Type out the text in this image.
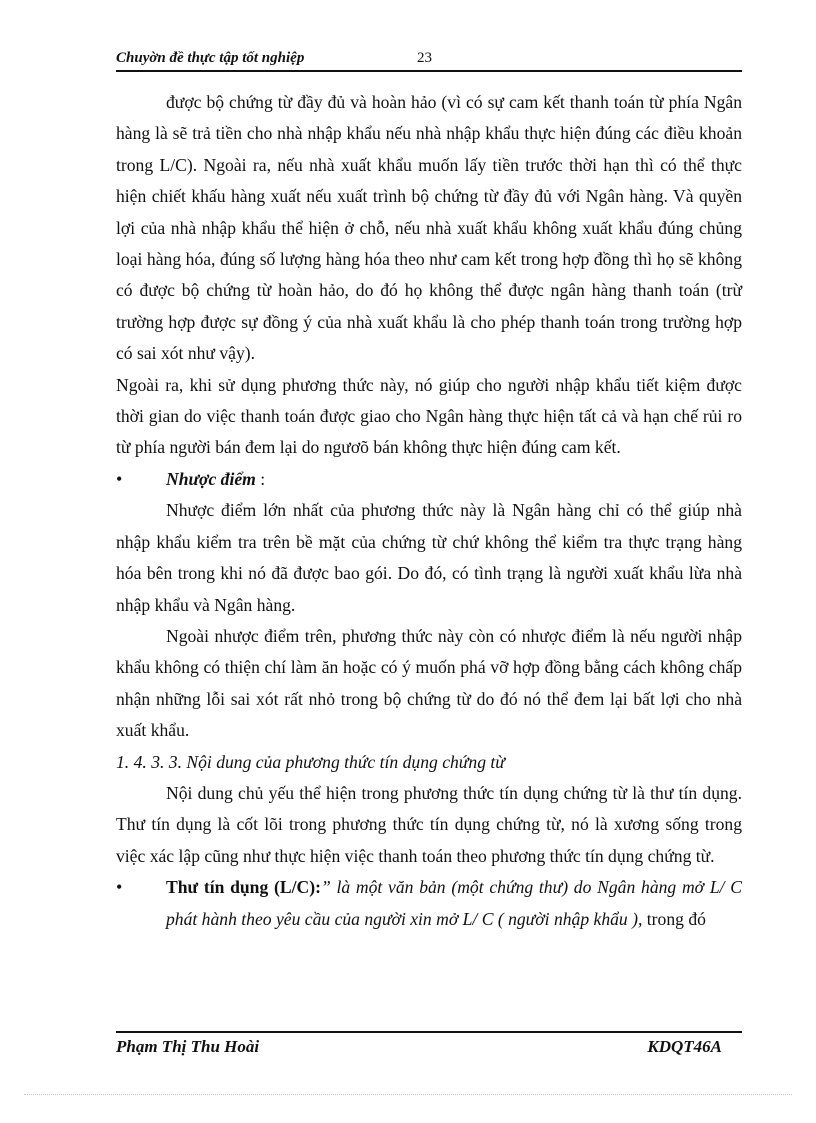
Chuyờn đề thực tập tốt nghiệp	23

được bộ chứng từ đầy đủ và hoàn hảo (vì có sự cam kết thanh toán từ phía Ngân hàng là sẽ trả tiền cho nhà nhập khẩu nếu nhà nhập khẩu thực hiện đúng các điều khoản trong L/C). Ngoài ra, nếu nhà xuất khẩu muốn lấy tiền trước thời hạn thì có thể thực hiện chiết khấu hàng xuất nếu xuất trình bộ chứng từ đầy đủ với Ngân hàng. Và quyền lợi của nhà nhập khẩu thể hiện ở chỗ, nếu nhà xuất khẩu không xuất khẩu đúng chủng loại hàng hóa, đúng số lượng hàng hóa theo như cam kết trong hợp đồng thì họ sẽ không có được bộ chứng từ hoàn hảo, do đó họ không thể được ngân hàng thanh toán (trừ trường hợp được sự đồng ý của nhà xuất khẩu là cho phép thanh toán trong trường hợp có sai xót như vậy).

Ngoài ra, khi sử dụng phương thức này, nó giúp cho người nhập khẩu tiết kiệm được thời gian do việc thanh toán được giao cho Ngân hàng thực hiện tất cả và hạn chế rủi ro từ phía người bán đem lại do ngươõ bán không thực hiện đúng cam kết.

• Nhược điểm :

Nhược điểm lớn nhất của phương thức này là Ngân hàng chỉ có thể giúp nhà nhập khẩu kiểm tra trên bề mặt của chứng từ chứ không thể kiểm tra thực trạng hàng hóa bên trong khi nó đã được bao gói. Do đó, có tình trạng là người xuất khẩu lừa nhà nhập khẩu và Ngân hàng.

Ngoài nhược điểm trên, phương thức này còn có nhược điểm là nếu người nhập khẩu không có thiện chí làm ăn hoặc có ý muốn phá vỡ hợp đồng bằng cách không chấp nhận những lỗi sai xót rất nhỏ trong bộ chứng từ do đó nó thể đem lại bất lợi cho nhà xuất khẩu.

1. 4. 3. 3. Nội dung của phương thức tín dụng chứng từ

Nội dung chủ yếu thể hiện trong phương thức tín dụng chứng từ là thư tín dụng. Thư tín dụng là cốt lõi trong phương thức tín dụng chứng từ, nó là xương sống trong việc xác lập cũng như thực hiện việc thanh toán theo phương thức tín dụng chứng từ.

• Thư tín dụng (L/C):” là một văn bản (một chứng thư) do Ngân hàng mở L/ C phát hành theo yêu cầu của người xin mở L/ C ( người nhập khẩu ), trong đó

Phạm Thị Thu Hoài	KDQT46A
